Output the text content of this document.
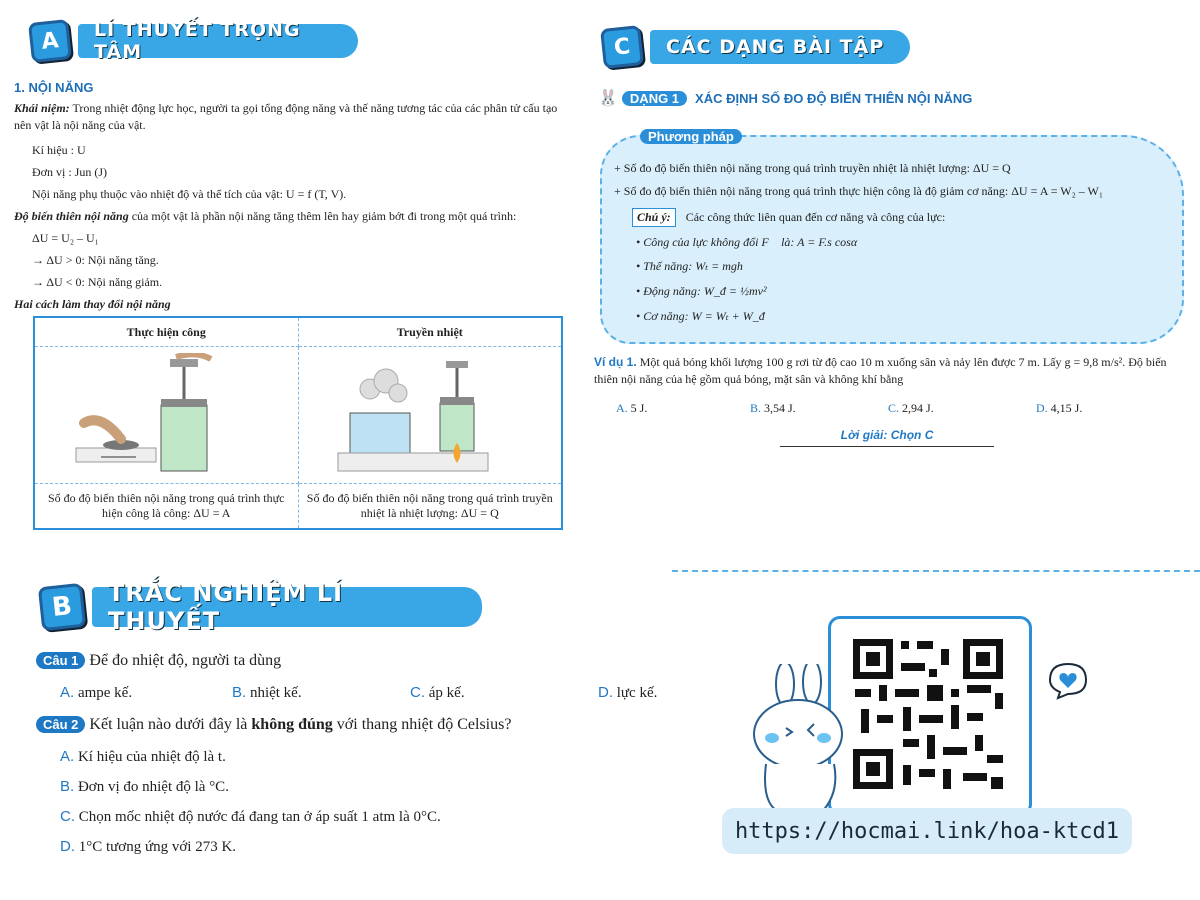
A	LÍ THUYẾT TRỌNG TÂM
1. NỘI NĂNG
Khái niệm: Trong nhiệt động lực học, người ta gọi tổng động năng và thế năng tương tác của các phân tử cấu tạo nên vật là nội năng của vật.
Kí hiệu : U
Đơn vị : Jun (J)
Nội năng phụ thuộc vào nhiệt độ và thể tích của vật: U = f (T, V).
Độ biến thiên nội năng của một vật là phần nội năng tăng thêm lên hay giảm bớt đi trong một quá trình:
ΔU = U₂ – U₁
→ ΔU > 0: Nội năng tăng.
→ ΔU < 0: Nội năng giảm.
Hai cách làm thay đổi nội năng
Thực hiện công	Truyền nhiệt

Số đo độ biến thiên nội năng trong quá trình thực hiện công là công: ΔU = A	Số đo độ biến thiên nội năng trong quá trình truyền nhiệt là nhiệt lượng: ΔU = Q
C	CÁC DẠNG BÀI TẬP
🐰 DẠNG 1	XÁC ĐỊNH SỐ ĐO ĐỘ BIẾN THIÊN NỘI NĂNG
Phương pháp
+ Số đo độ biến thiên nội năng trong quá trình truyền nhiệt là nhiệt lượng: ΔU = Q
+ Số đo độ biến thiên nội năng trong quá trình thực hiện công là độ giảm cơ năng: ΔU = A = W₂ – W₁
Chú ý:	Các công thức liên quan đến cơ năng và công của lực:
• Công của lực không đổi F⃗ là: A = F.s cosα
• Thế năng: Wₜ = mgh
• Động năng: W_đ = ½mv²
• Cơ năng: W = Wₜ + W_đ
Ví dụ 1. Một quả bóng khối lượng 100 g rơi từ độ cao 10 m xuống sân và nảy lên được 7 m. Lấy g = 9,8 m/s². Độ biến thiên nội năng của hệ gồm quả bóng, mặt sân và không khí bằng
A. 5 J.	B. 3,54 J.	C. 2,94 J.	D. 4,15 J.
Lời giải: Chọn C
B	TRẮC NGHIỆM LÍ THUYẾT
Câu 1 Để đo nhiệt độ, người ta dùng
A. ampe kế.	B. nhiệt kế.	C. áp kế.	D. lực kế.
Câu 2 Kết luận nào dưới đây là không đúng với thang nhiệt độ Celsius?
A. Kí hiệu của nhiệt độ là t.
B. Đơn vị đo nhiệt độ là °C.
C. Chọn mốc nhiệt độ nước đá đang tan ở áp suất 1 atm là 0°C.
D. 1°C tương ứng với 273 K.
https://hocmai.link/hoa-ktcd1
